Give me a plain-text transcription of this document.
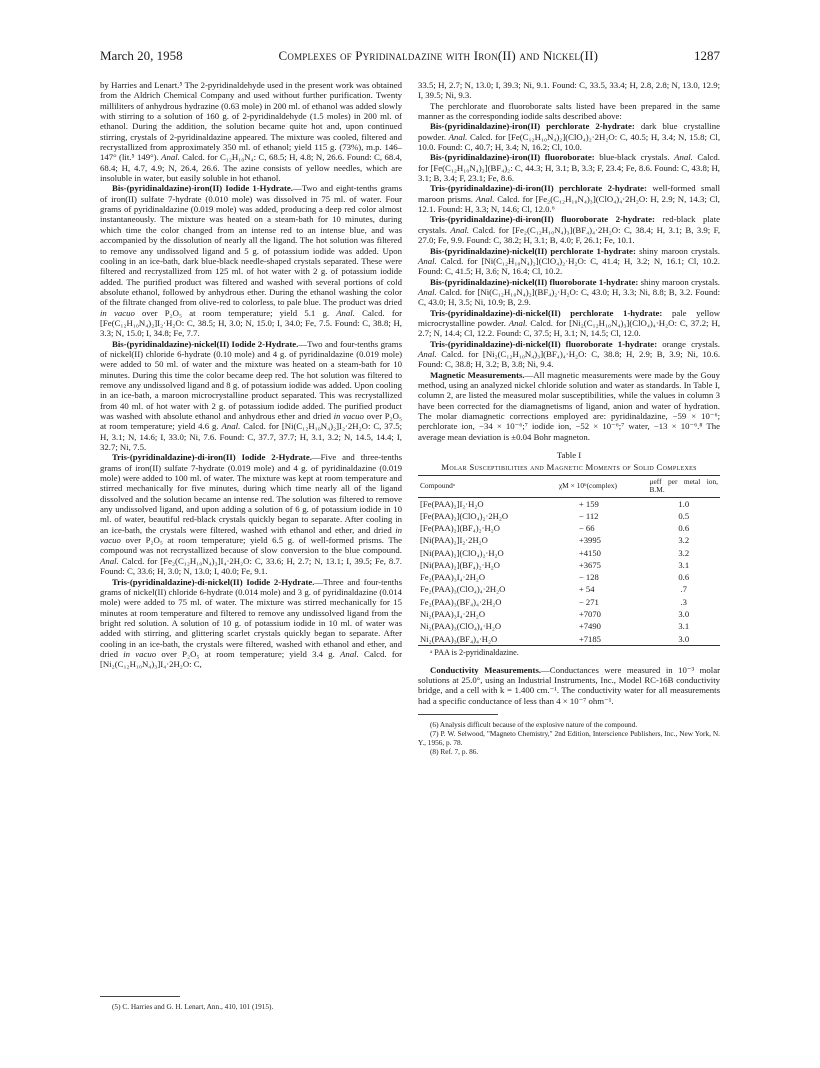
March 20, 1958	Complexes of Pyridinaldazine with Iron(II) and Nickel(II)	1287

by Harries and Lenart.⁵ The 2-pyridinaldehyde used in the present work was obtained from the Aldrich Chemical Company and used without further purification. Twenty milliliters of anhydrous hydrazine (0.63 mole) in 200 ml. of ethanol was added slowly with stirring to a solution of 160 g. of 2-pyridinaldehyde (1.5 moles) in 200 ml. of ethanol. During the addition, the solution became quite hot and, upon continued stirring, crystals of 2-pyridinaldazine appeared. The mixture was cooled, filtered and recrystallized from approximately 350 ml. of ethanol; yield 115 g. (73%), m.p. 146–147° (lit.⁵ 149°). Anal. Calcd. for C₁₂H₁₀N₄: C, 68.5; H, 4.8; N, 26.6. Found: C, 68.4, 68.4; H, 4.7, 4.9; N, 26.4, 26.6. The azine consists of yellow needles, which are insoluble in water, but easily soluble in hot ethanol.

Bis-(pyridinaldazine)-iron(II) Iodide 1-Hydrate.—Two and eight-tenths grams of iron(II) sulfate 7-hydrate (0.010 mole) was dissolved in 75 ml. of water. Four grams of pyridinaldazine (0.019 mole) was added, producing a deep red color almost instantaneously. The mixture was heated on a steam-bath for 10 minutes, during which time the color changed from an intense red to an intense blue, and was accompanied by the dissolution of nearly all the ligand. The hot solution was filtered to remove any undissolved ligand and 5 g. of potassium iodide was added. Upon cooling in an ice-bath, dark blue-black needle-shaped crystals separated. These were filtered and recrystallized from 125 ml. of hot water with 2 g. of potassium iodide added. The purified product was filtered and washed with several portions of cold absolute ethanol, followed by anhydrous ether. During the ethanol washing the color of the filtrate changed from olive-red to colorless, to pale blue. The product was dried in vacuo over P₂O₅ at room temperature; yield 5.1 g. Anal. Calcd. for [Fe(C₁₂H₁₀N₄)₂]I₂·H₂O: C, 38.5; H, 3.0; N, 15.0; I, 34.0; Fe, 7.5. Found: C, 38.8; H, 3.3; N, 15.0; I, 34.8; Fe, 7.7.

Bis-(pyridinaldazine)-nickel(II) Iodide 2-Hydrate.—Two and four-tenths grams of nickel(II) chloride 6-hydrate (0.10 mole) and 4 g. of pyridinaldazine (0.019 mole) were added to 50 ml. of water and the mixture was heated on a steam-bath for 10 minutes. During this time the color became deep red. The hot solution was filtered to remove any undissolved ligand and 8 g. of potassium iodide was added. Upon cooling in an ice-bath, a maroon microcrystalline product separated. This was recrystallized from 40 ml. of hot water with 2 g. of potassium iodide added. The purified product was washed with absolute ethanol and anhydrous ether and dried in vacuo over P₂O₅ at room temperature; yield 4.6 g. Anal. Calcd. for [Ni(C₁₂H₁₀N₄)₂]I₂·2H₂O: C, 37.5; H, 3.1; N, 14.6; I, 33.0; Ni, 7.6. Found: C, 37.7, 37.7; H, 3.1, 3.2; N, 14.5, 14.4; I, 32.7; Ni, 7.5.

Tris-(pyridinaldazine)-di-iron(II) Iodide 2-Hydrate.—Five and three-tenths grams of iron(II) sulfate 7-hydrate (0.019 mole) and 4 g. of pyridinaldazine (0.019 mole) were added to 100 ml. of water. The mixture was kept at room temperature and stirred mechanically for five minutes, during which time nearly all of the ligand dissolved and the solution became an intense red. The solution was filtered to remove any undissolved ligand, and upon adding a solution of 6 g. of potassium iodide in 10 ml. of water, beautiful red-black crystals quickly began to separate. After cooling in an ice-bath, the crystals were filtered, washed with ethanol and ether, and dried in vacuo over P₂O₅ at room temperature; yield 6.5 g. of well-formed prisms. The compound was not recrystallized because of slow conversion to the blue compound. Anal. Calcd. for [Fe₂(C₁₂H₁₀N₄)₃]I₄·2H₂O: C, 33.6; H, 2.7; N, 13.1; I, 39.5; Fe, 8.7. Found: C, 33.6; H, 3.0; N, 13.0; I, 40.0; Fe, 9.1.

Tris-(pyridinaldazine)-di-nickel(II) Iodide 2-Hydrate.—Three and four-tenths grams of nickel(II) chloride 6-hydrate (0.014 mole) and 3 g. of pyridinaldazine (0.014 mole) were added to 75 ml. of water. The mixture was stirred mechanically for 15 minutes at room temperature and filtered to remove any undissolved ligand from the bright red solution. A solution of 10 g. of potassium iodide in 10 ml. of water was added with stirring, and glittering scarlet crystals quickly began to separate. After cooling in an ice-bath, the crystals were filtered, washed with ethanol and ether, and dried in vacuo over P₂O₅ at room temperature; yield 3.4 g. Anal. Calcd. for [Ni₂(C₁₂H₁₀N₄)₃]I₄·2H₂O: C,

(5) C. Harries and G. H. Lenart, Ann., 410, 101 (1915).

33.5; H, 2.7; N, 13.0; I, 39.3; Ni, 9.1. Found: C, 33.5, 33.4; H, 2.8, 2.8; N, 13.0, 12.9; I, 39.5; Ni, 9.3.

The perchlorate and fluoroborate salts listed have been prepared in the same manner as the corresponding iodide salts described above:

Bis-(pyridinaldazine)-iron(II) perchlorate 2-hydrate: dark blue crystalline powder. Anal. Calcd. for [Fe(C₁₂H₁₀N₄)₂](ClO₄)₂·2H₂O: C, 40.5; H, 3.4; N, 15.8; Cl, 10.0. Found: C, 40.7; H, 3.4; N, 16.2; Cl, 10.0.

Bis-(pyridinaldazine)-iron(II) fluoroborate: blue-black crystals. Anal. Calcd. for [Fe(C₁₂H₁₀N₄)₂](BF₄)₂: C, 44.3; H, 3.1; B, 3.3; F, 23.4; Fe, 8.6. Found: C, 43.8; H, 3.1; B, 3.4; F, 23.1; Fe, 8.6.

Tris-(pyridinaldazine)-di-iron(II) perchlorate 2-hydrate: well-formed small maroon prisms. Anal. Calcd. for [Fe₂(C₁₂H₁₀N₄)₃](ClO₄)₄·2H₂O: H, 2.9; N, 14.3; Cl, 12.1. Found: H, 3.3; N, 14.6; Cl, 12.0.⁶

Tris-(pyridinaldazine)-di-iron(II) fluoroborate 2-hydrate: red-black plate crystals. Anal. Calcd. for [Fe₂(C₁₂H₁₀N₄)₃](BF₄)₄·2H₂O: C, 38.4; H, 3.1; B, 3.9; F, 27.0; Fe, 9.9. Found: C, 38.2; H, 3.1; B, 4.0; F, 26.1; Fe, 10.1.

Bis-(pyridinaldazine)-nickel(II) perchlorate 1-hydrate: shiny maroon crystals. Anal. Calcd. for [Ni(C₁₂H₁₀N₄)₂](ClO₄)₂·H₂O: C, 41.4; H, 3.2; N, 16.1; Cl, 10.2. Found: C, 41.5; H, 3.6; N, 16.4; Cl, 10.2.

Bis-(pyridinaldazine)-nickel(II) fluoroborate 1-hydrate: shiny maroon crystals. Anal. Calcd. for [Ni(C₁₂H₁₀N₄)₂](BF₄)₂·H₂O: C, 43.0; H, 3.3; Ni, 8.8; B, 3.2. Found: C, 43.0; H, 3.5; Ni, 10.9; B, 2.9.

Tris-(pyridinaldazine)-di-nickel(II) perchlorate 1-hydrate: pale yellow microcrystalline powder. Anal. Calcd. for [Ni₂(C₁₂H₁₀N₄)₃](ClO₄)₄·H₂O: C, 37.2; H, 2.7; N, 14.4; Cl, 12.2. Found: C, 37.5; H, 3.1; N, 14.5; Cl, 12.0.

Tris-(pyridinaldazine)-di-nickel(II) fluoroborate 1-hydrate: orange crystals. Anal. Calcd. for [Ni₂(C₁₂H₁₀N₄)₃](BF₄)₄·H₂O: C, 38.8; H, 2.9; B, 3.9; Ni, 10.6. Found: C, 38.8; H, 3.2; B, 3.8; Ni, 9.4.

Magnetic Measurements.—All magnetic measurements were made by the Gouy method, using an analyzed nickel chloride solution and water as standards. In Table I, column 2, are listed the measured molar susceptibilities, while the values in column 3 have been corrected for the diamagnetisms of ligand, anion and water of hydration. The molar diamagnetic corrections employed are: pyridinaldazine, −59 × 10⁻⁶; perchlorate ion, −34 × 10⁻⁶;⁷ iodide ion, −52 × 10⁻⁶;⁷ water, −13 × 10⁻⁶.⁸ The average mean deviation is ±0.04 Bohr magneton.

Table I
Molar Susceptibilities and Magnetic Moments of Solid Complexes
Compoundᵃ	χM × 10⁶(complex)	μeff per metal ion, B.M.
[Fe(PAA)₂]I₂·H₂O	+ 159	1.0
[Fe(PAA)₂](ClO₄)₂·2H₂O	− 112	0.5
[Fe(PAA)₂](BF₄)₂·H₂O	− 66	0.6
[Ni(PAA)₂]I₂·2H₂O	+3995	3.2
[Ni(PAA)₂](ClO₄)₂·H₂O	+4150	3.2
[Ni(PAA)₂](BF₄)₂·H₂O	+3675	3.1
Fe₂(PAA)₃I₄·2H₂O	− 128	0.6
Fe₂(PAA)₃(ClO₄)₄·2H₂O	+ 54	.7
Fe₂(PAA)₃(BF₄)₄·2H₂O	− 271	.3
Ni₂(PAA)₃I₄·2H₂O	+7070	3.0
Ni₂(PAA)₃(ClO₄)₄·H₂O	+7490	3.1
Ni₂(PAA)₃(BF₄)₄·H₂O	+7185	3.0
ᵃ PAA is 2-pyridinaldazine.

Conductivity Measurements.—Conductances were measured in 10⁻³ molar solutions at 25.0°, using an Industrial Instruments, Inc., Model RC-16B conductivity bridge, and a cell with k = 1.400 cm.⁻¹. The conductivity water for all measurements had a specific conductance of less than 4 × 10⁻⁷ ohm⁻¹.

(6) Analysis difficult because of the explosive nature of the compound.

(7) P. W. Selwood, "Magneto Chemistry," 2nd Edition, Interscience Publishers, Inc., New York, N. Y., 1956, p. 78.

(8) Ref. 7, p. 86.
